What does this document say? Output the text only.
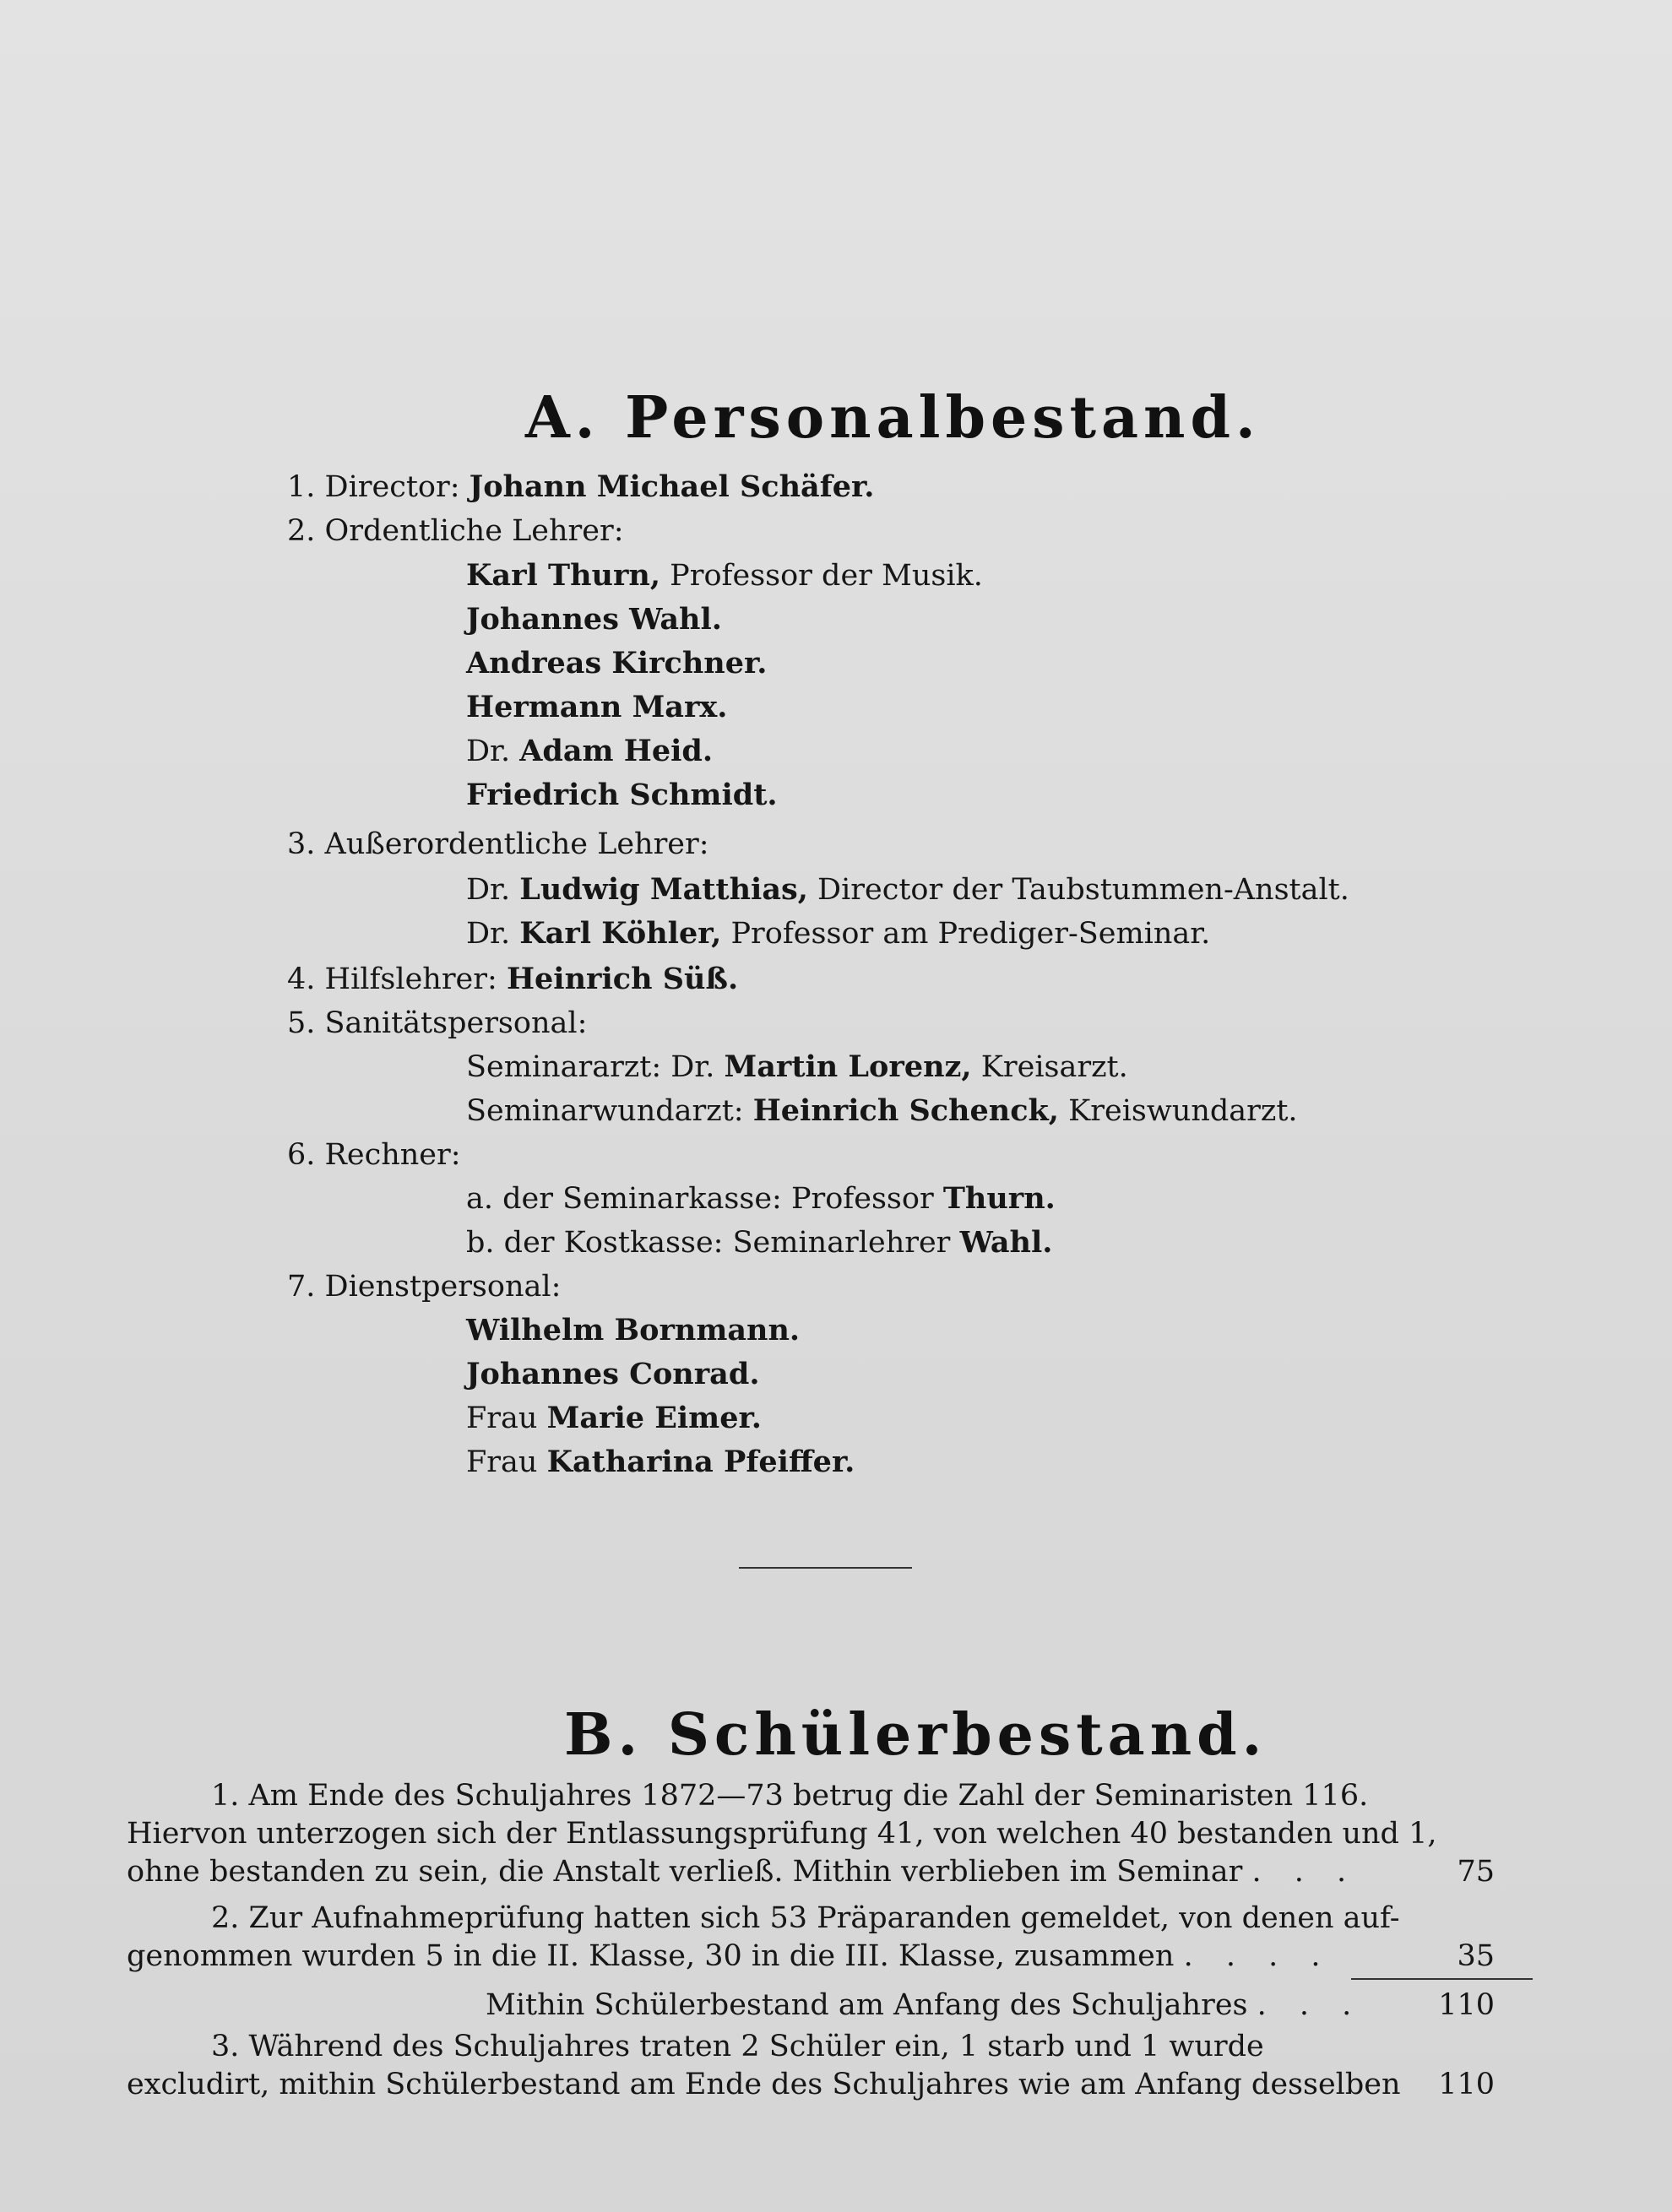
A. Personalbestand.
1. Director: Johann Michael Schäfer.
2. Ordentliche Lehrer:
Karl Thurn, Professor der Musik.
Johannes Wahl.
Andreas Kirchner.
Hermann Marx.
Dr. Adam Heid.
Friedrich Schmidt.
3. Außerordentliche Lehrer:
Dr. Ludwig Matthias, Director der Taubstummen-Anstalt.
Dr. Karl Köhler, Professor am Prediger-Seminar.
4. Hilfslehrer: Heinrich Süß.
5. Sanitätspersonal:
Seminararzt: Dr. Martin Lorenz, Kreisarzt.
Seminarwundarzt: Heinrich Schenck, Kreiswundarzt.
6. Rechner:
a. der Seminarkasse: Professor Thurn.
b. der Kostkasse: Seminarlehrer Wahl.
7. Dienstpersonal:
Wilhelm Bornmann.
Johannes Conrad.
Frau Marie Eimer.
Frau Katharina Pfeiffer.
B. Schülerbestand.
1. Am Ende des Schuljahres 1872—73 betrug die Zahl der Seminaristen 116.
Hiervon unterzogen sich der Entlassungsprüfung 41, von welchen 40 bestanden und 1,
ohne bestanden zu sein, die Anstalt verließ. Mithin verblieben im Seminar . . .	75
2. Zur Aufnahmeprüfung hatten sich 53 Präparanden gemeldet, von denen auf-
genommen wurden 5 in die II. Klasse, 30 in die III. Klasse, zusammen . . . .	35
Mithin Schülerbestand am Anfang des Schuljahres . . .	110
3. Während des Schuljahres traten 2 Schüler ein, 1 starb und 1 wurde
excludirt, mithin Schülerbestand am Ende des Schuljahres wie am Anfang desselben	110
